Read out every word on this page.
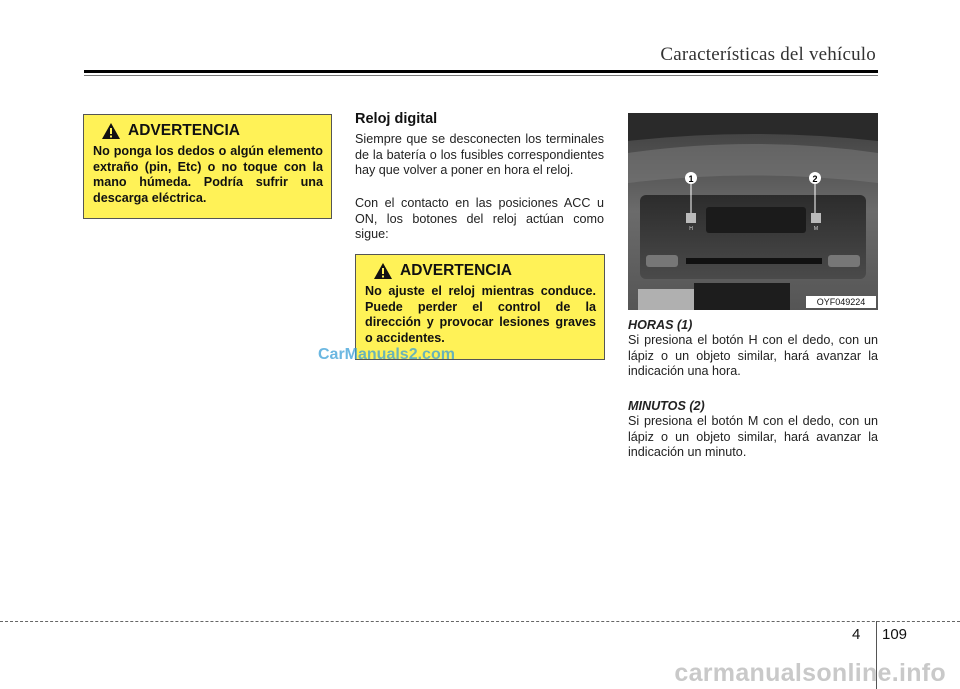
Características del vehículo
ADVERTENCIA
No ponga los dedos o algún elemento extraño (pin, Etc) o no toque con la mano húmeda. Podría sufrir una descarga eléctrica.
Reloj digital
Siempre que se desconecten los terminales de la batería o los fusibles correspondientes hay que volver a poner en hora el reloj.
Con el contacto en las posiciones ACC u ON, los botones del reloj actúan como sigue:
ADVERTENCIA
No ajuste el reloj mientras conduce. Puede perder el control de la dirección y provocar lesiones graves o accidentes.
CarManuals2.com
H	M
1	2
OYF049224
HORAS (1)
Si presiona el botón H con el dedo, con un lápiz o un objeto similar, hará avanzar la indicación una hora.
MINUTOS (2)
Si presiona el botón M con el dedo, con un lápiz o un objeto similar, hará avanzar la indicación un minuto.
4 109
carmanualsonline.info
